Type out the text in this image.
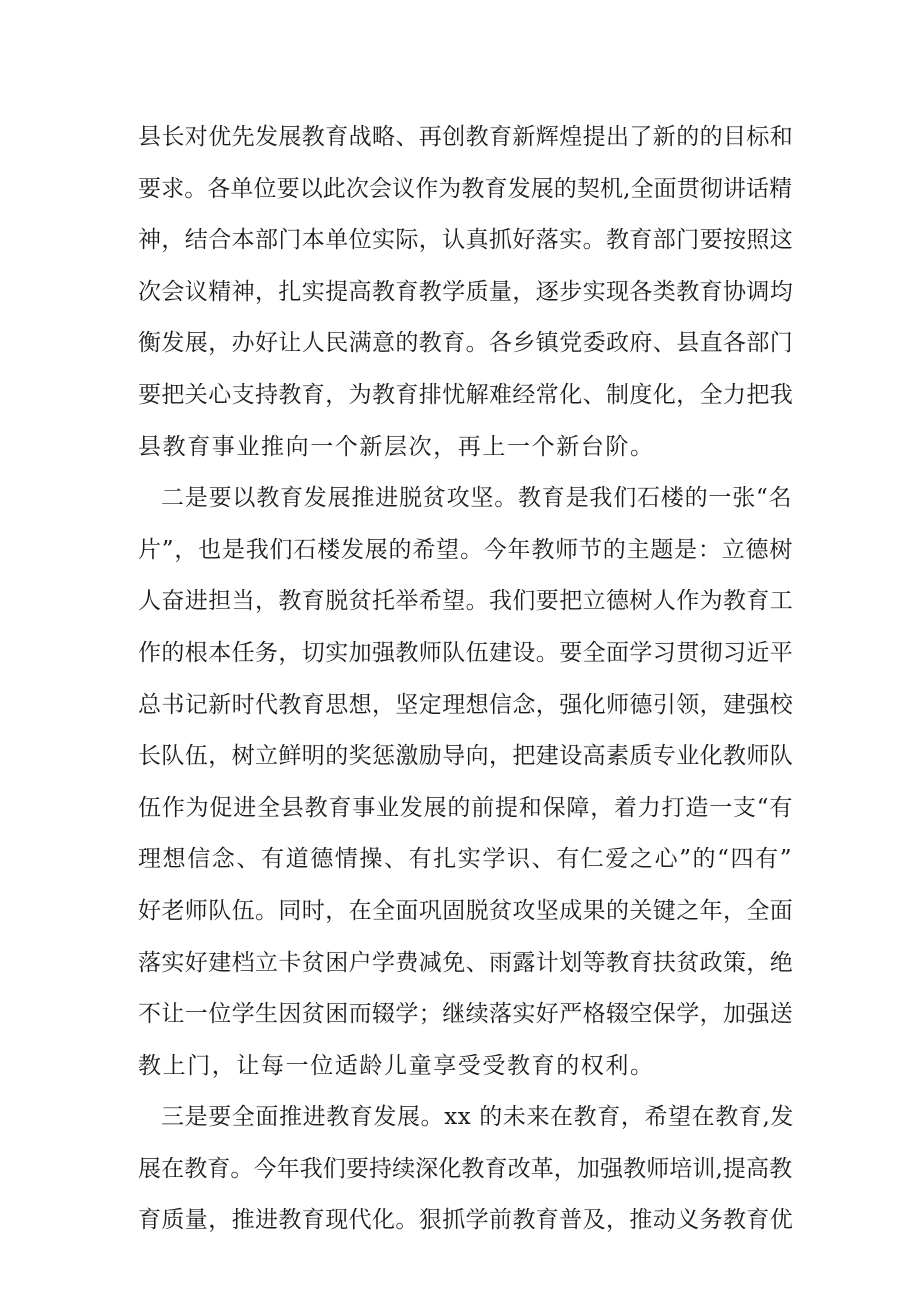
县长对优先发展教育战略、再创教育新辉煌提出了新的的目标和
要求。各单位要以此次会议作为教育发展的契机,全面贯彻讲话精
神，结合本部门本单位实际，认真抓好落实。教育部门要按照这
次会议精神，扎实提高教育教学质量，逐步实现各类教育协调均
衡发展，办好让人民满意的教育。各乡镇党委政府、县直各部门
要把关心支持教育，为教育排忧解难经常化、制度化，全力把我
县教育事业推向一个新层次，再上一个新台阶。
二是要以教育发展推进脱贫攻坚。教育是我们石楼的一张“名
片”，也是我们石楼发展的希望。今年教师节的主题是：立德树
人奋进担当，教育脱贫托举希望。我们要把立德树人作为教育工
作的根本任务，切实加强教师队伍建设。要全面学习贯彻习近平
总书记新时代教育思想，坚定理想信念，强化师德引领，建强校
长队伍，树立鲜明的奖惩激励导向，把建设高素质专业化教师队
伍作为促进全县教育事业发展的前提和保障，着力打造一支“有
理想信念、有道德情操、有扎实学识、有仁爱之心”的“四有”
好老师队伍。同时，在全面巩固脱贫攻坚成果的关键之年，全面
落实好建档立卡贫困户学费减免、雨露计划等教育扶贫政策，绝
不让一位学生因贫困而辍学；继续落实好严格辍空保学，加强送
教上门，让每一位适龄儿童享受受教育的权利。
三是要全面推进教育发展。xx 的未来在教育，希望在教育,发
展在教育。今年我们要持续深化教育改革，加强教师培训,提高教
育质量，推进教育现代化。狠抓学前教育普及，推动义务教育优
